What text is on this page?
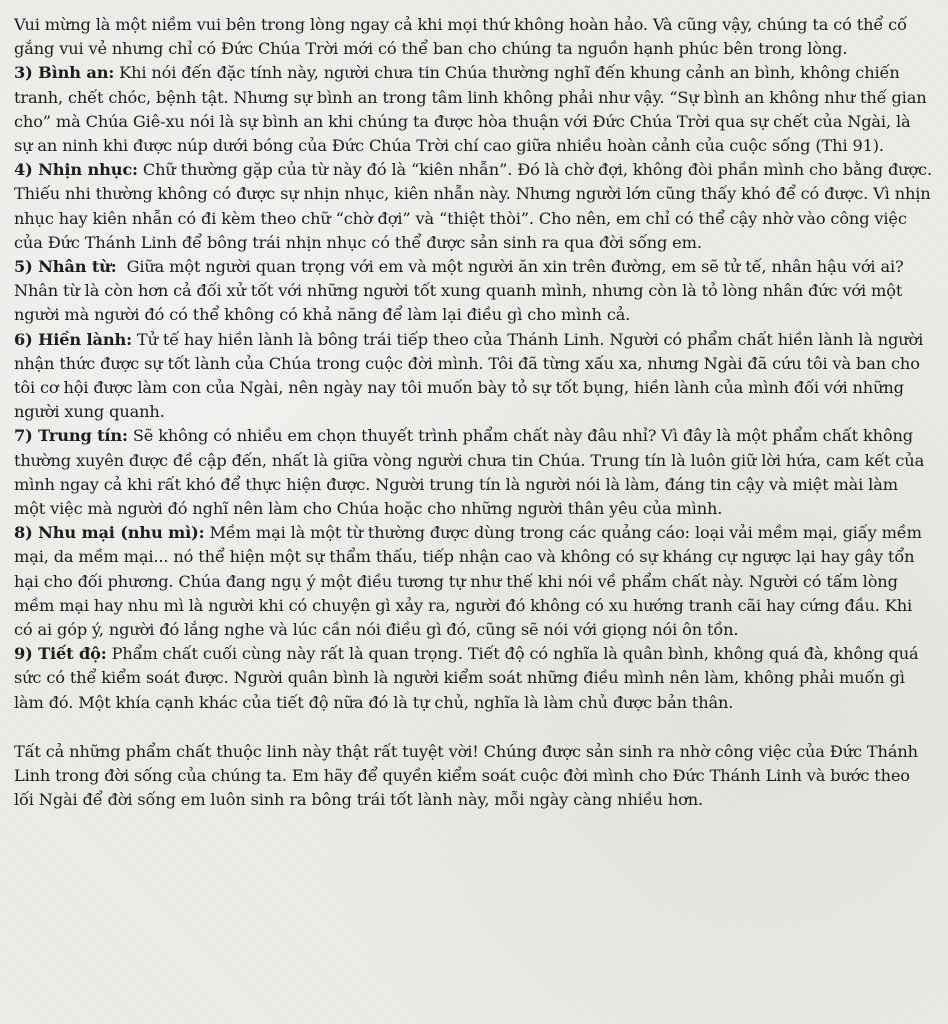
Vui mừng là một niềm vui bên trong lòng ngay cả khi mọi thứ không hoàn hảo. Và cũng vậy, chúng ta có thể cố gắng vui vẻ nhưng chỉ có Đức Chúa Trời mới có thể ban cho chúng ta nguồn hạnh phúc bên trong lòng.

3) Bình an: Khi nói đến đặc tính này, người chưa tin Chúa thường nghĩ đến khung cảnh an bình, không chiến tranh, chết chóc, bệnh tật. Nhưng sự bình an trong tâm linh không phải như vậy. “Sự bình an không như thế gian cho” mà Chúa Giê-xu nói là sự bình an khi chúng ta được hòa thuận với Đức Chúa Trời qua sự chết của Ngài, là sự an ninh khi được núp dưới bóng của Đức Chúa Trời chí cao giữa nhiều hoàn cảnh của cuộc sống (Thi 91).

4) Nhịn nhục: Chữ thường gặp của từ này đó là “kiên nhẫn”. Đó là chờ đợi, không đòi phần mình cho bằng được. Thiếu nhi thường không có được sự nhịn nhục, kiên nhẫn này. Nhưng người lớn cũng thấy khó để có được. Vì nhịn nhục hay kiên nhẫn có đi kèm theo chữ “chờ đợi” và “thiệt thòi”. Cho nên, em chỉ có thể cậy nhờ vào công việc của Đức Thánh Linh để bông trái nhịn nhục có thể được sản sinh ra qua đời sống em.

5) Nhân từ:  Giữa một người quan trọng với em và một người ăn xin trên đường, em sẽ tử tế, nhân hậu với ai? Nhân từ là còn hơn cả đối xử tốt với những người tốt xung quanh mình, nhưng còn là tỏ lòng nhân đức với một người mà người đó có thể không có khả năng để làm lại điều gì cho mình cả.

6) Hiền lành: Tử tế hay hiền lành là bông trái tiếp theo của Thánh Linh. Người có phẩm chất hiền lành là người nhận thức được sự tốt lành của Chúa trong cuộc đời mình. Tôi đã từng xấu xa, nhưng Ngài đã cứu tôi và ban cho tôi cơ hội được làm con của Ngài, nên ngày nay tôi muốn bày tỏ sự tốt bụng, hiền lành của mình đối với những người xung quanh.

7) Trung tín: Sẽ không có nhiều em chọn thuyết trình phẩm chất này đâu nhỉ? Vì đây là một phẩm chất không thường xuyên được đề cập đến, nhất là giữa vòng người chưa tin Chúa. Trung tín là luôn giữ lời hứa, cam kết của mình ngay cả khi rất khó để thực hiện được. Người trung tín là người nói là làm, đáng tin cậy và miệt mài làm một việc mà người đó nghĩ nên làm cho Chúa hoặc cho những người thân yêu của mình.

8) Nhu mại (nhu mì): Mềm mại là một từ thường được dùng trong các quảng cáo: loại vải mềm mại, giấy mềm mại, da mềm mại... nó thể hiện một sự thẩm thấu, tiếp nhận cao và không có sự kháng cự ngược lại hay gây tổn hại cho đối phương. Chúa đang ngụ ý một điều tương tự như thế khi nói về phẩm chất này. Người có tấm lòng mềm mại hay nhu mì là người khi có chuyện gì xảy ra, người đó không có xu hướng tranh cãi hay cứng đầu. Khi có ai góp ý, người đó lắng nghe và lúc cần nói điều gì đó, cũng sẽ nói với giọng nói ôn tồn.

9) Tiết độ: Phẩm chất cuối cùng này rất là quan trọng. Tiết độ có nghĩa là quân bình, không quá đà, không quá sức có thể kiểm soát được. Người quân bình là người kiểm soát những điều mình nên làm, không phải muốn gì làm đó. Một khía cạnh khác của tiết độ nữa đó là tự chủ, nghĩa là làm chủ được bản thân.

Tất cả những phẩm chất thuộc linh này thật rất tuyệt vời! Chúng được sản sinh ra nhờ công việc của Đức Thánh Linh trong đời sống của chúng ta. Em hãy để quyền kiểm soát cuộc đời mình cho Đức Thánh Linh và bước theo lối Ngài để đời sống em luôn sinh ra bông trái tốt lành này, mỗi ngày càng nhiều hơn.
